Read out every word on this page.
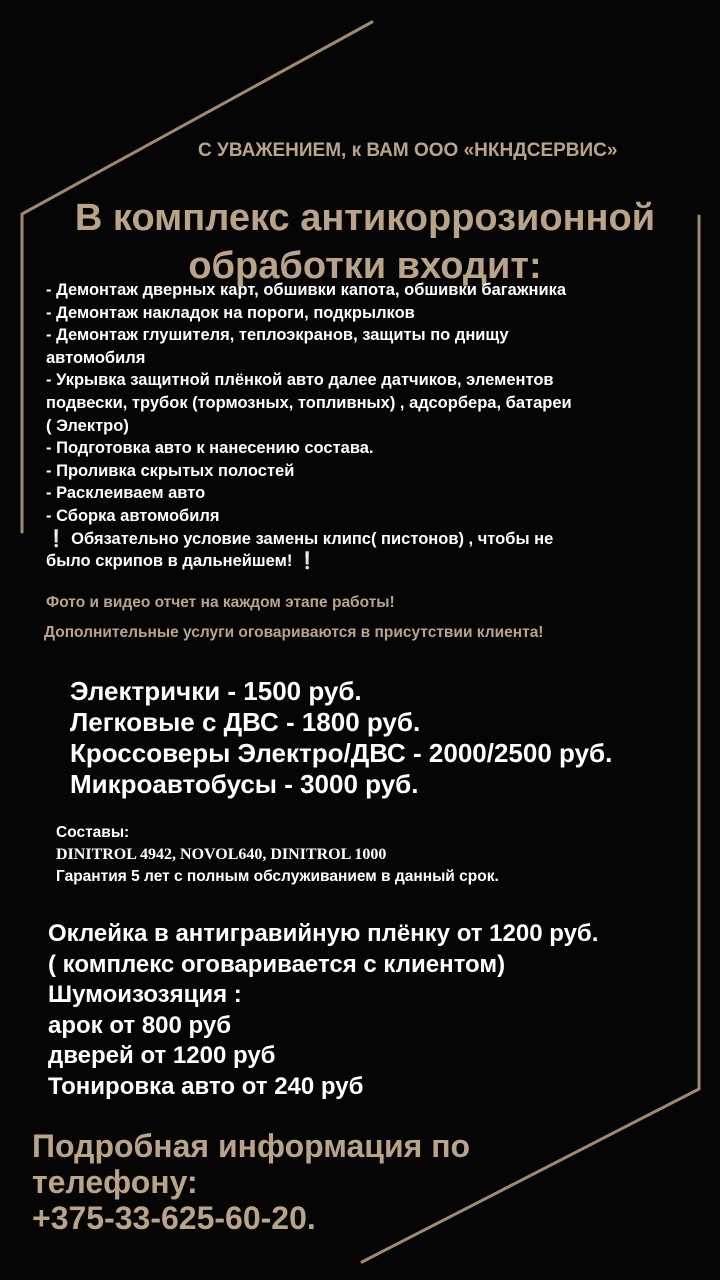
С УВАЖЕНИЕМ, к ВАМ ООО «НКНДСЕРВИС»
В комплекс антикоррозионной
обработки входит:
- Демонтаж дверных карт, обшивки капота, обшивки багажника
- Демонтаж накладок на пороги, подкрылков
- Демонтаж глушителя, теплоэкранов, защиты по днищу
автомобиля
- Укрывка защитной плёнкой авто далее датчиков, элементов
подвески, трубок (тормозных, топливных) , адсорбера, батареи
( Электро)
- Подготовка авто к нанесению состава.
- Проливка скрытых полостей
- Расклеиваем авто
- Сборка автомобиля
❕ Обязательно условие замены клипс( пистонов) , чтобы не
было скрипов в дальнейшем! ❕
Фото и видео отчет на каждом этапе работы!
Дополнительные услуги оговариваются в присутствии клиента!
Электрички - 1500 руб.
Легковые с ДВС - 1800 руб.
Кроссоверы Электро/ДВС - 2000/2500 руб.
Микроавтобусы - 3000 руб.
Составы:
DINITROL 4942, NOVOL640, DINITROL 1000
Гарантия 5 лет с полным обслуживанием в данный срок.
Оклейка в антигравийную плёнку от 1200 руб.
( комплекс оговаривается с клиентом)
Шумоизозяция :
арок от 800 руб
дверей от 1200 руб
Тонировка авто от 240 руб
Подробная информация по
телефону:
+375-33-625-60-20.
